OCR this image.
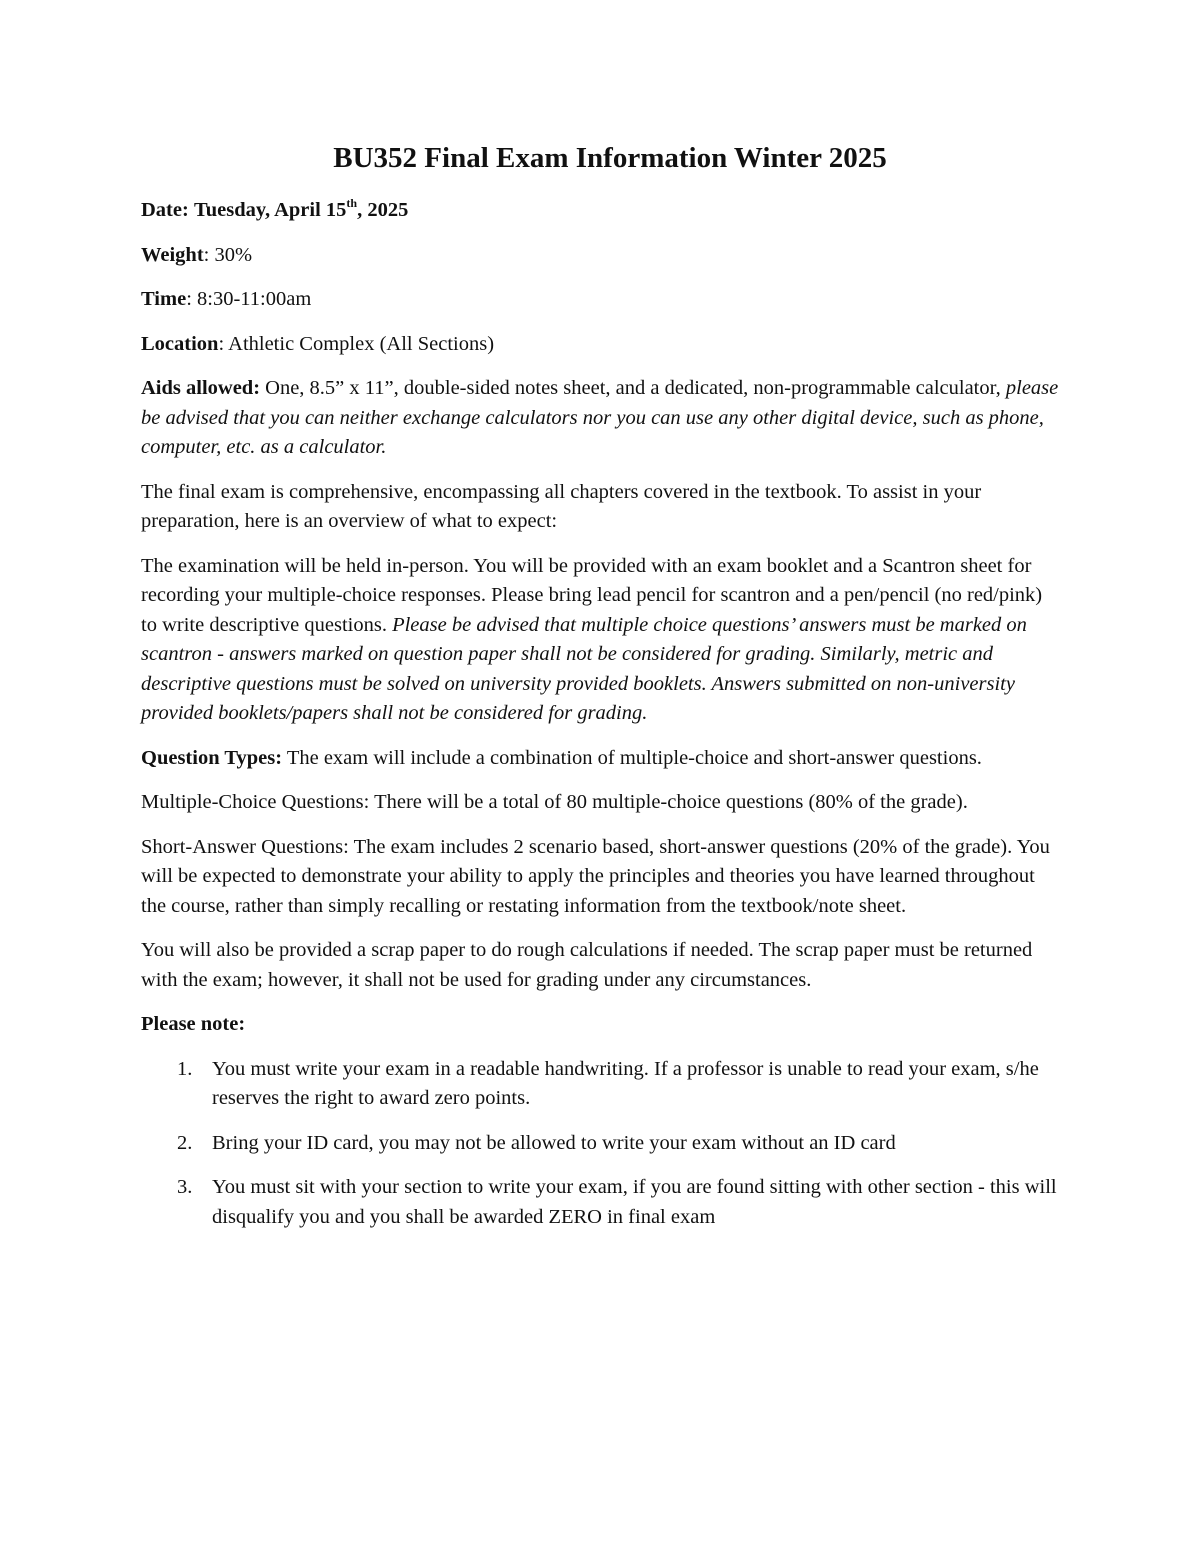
BU352 Final Exam Information Winter 2025

Date: Tuesday, April 15th, 2025

Weight: 30%

Time: 8:30-11:00am

Location: Athletic Complex (All Sections)

Aids allowed: One, 8.5” x 11”, double-sided notes sheet, and a dedicated, non-programmable calculator, please be advised that you can neither exchange calculators nor you can use any other digital device, such as phone, computer, etc. as a calculator.

The final exam is comprehensive, encompassing all chapters covered in the textbook. To assist in your preparation, here is an overview of what to expect:

The examination will be held in-person. You will be provided with an exam booklet and a Scantron sheet for recording your multiple-choice responses. Please bring lead pencil for scantron and a pen/pencil (no red/pink) to write descriptive questions. Please be advised that multiple choice questions’ answers must be marked on scantron - answers marked on question paper shall not be considered for grading. Similarly, metric and descriptive questions must be solved on university provided booklets. Answers submitted on non-university provided booklets/papers shall not be considered for grading.

Question Types: The exam will include a combination of multiple-choice and short-answer questions.

Multiple-Choice Questions: There will be a total of 80 multiple-choice questions (80% of the grade).

Short-Answer Questions: The exam includes 2 scenario based, short-answer questions (20% of the grade). You will be expected to demonstrate your ability to apply the principles and theories you have learned throughout the course, rather than simply recalling or restating information from the textbook/note sheet.

You will also be provided a scrap paper to do rough calculations if needed. The scrap paper must be returned with the exam; however, it shall not be used for grading under any circumstances.

Please note:

1. You must write your exam in a readable handwriting. If a professor is unable to read your exam, s/he reserves the right to award zero points.
2. Bring your ID card, you may not be allowed to write your exam without an ID card
3. You must sit with your section to write your exam, if you are found sitting with other section - this will disqualify you and you shall be awarded ZERO in final exam
